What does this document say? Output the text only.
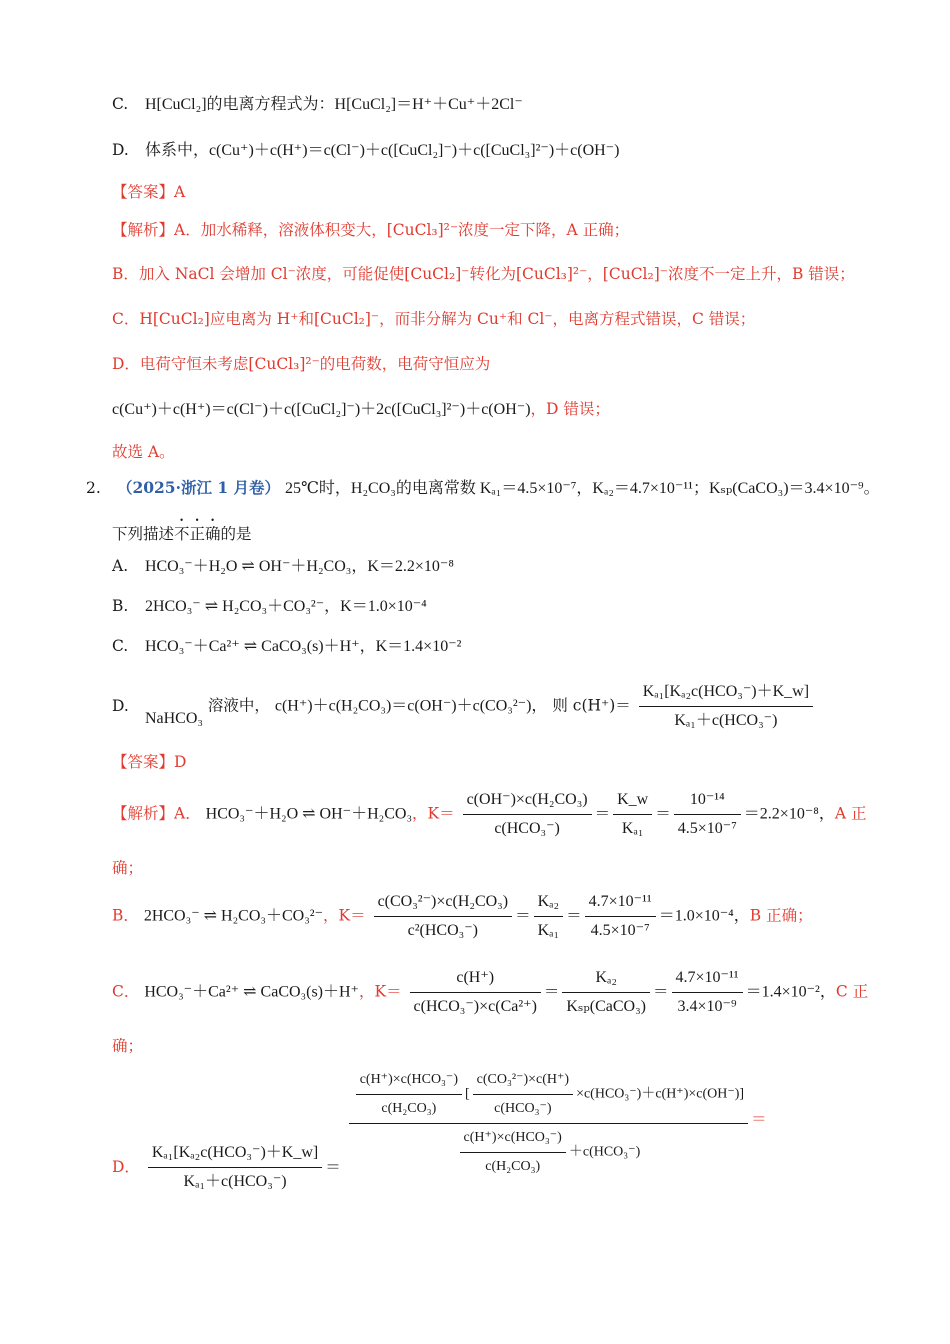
C. H[CuCl₂]的电离方程式为：H[CuCl₂]＝H⁺＋Cu⁺＋2Cl⁻
D. 体系中，c(Cu⁺)＋c(H⁺)＝c(Cl⁻)＋c([CuCl₂]⁻)＋c([CuCl₃]²⁻)＋c(OH⁻)
【答案】A
【解析】A．加水稀释，溶液体积变大，[CuCl₃]²⁻浓度一定下降，A 正确；
B．加入 NaCl 会增加 Cl⁻浓度，可能促使[CuCl₂]⁻转化为[CuCl₃]²⁻，[CuCl₂]⁻浓度不一定上升，B 错误；
C．H[CuCl₂]应电离为 H⁺和[CuCl₂]⁻，而非分解为 Cu⁺和 Cl⁻，电离方程式错误，C 错误；
D．电荷守恒未考虑[CuCl₃]²⁻的电荷数，电荷守恒应为
c(Cu⁺)＋c(H⁺)＝c(Cl⁻)＋c([CuCl₂]⁻)＋2c([CuCl₃]²⁻)＋c(OH⁻)，D 错误；
故选 A。
2. （2025·浙江 1 月卷） 25℃时，H₂CO₃的电离常数 Kₐ₁＝4.5×10⁻⁷，Kₐ₂＝4.7×10⁻¹¹；Kₛₚ(CaCO₃)＝3.4×10⁻⁹。
下列描述不正确的是
A. HCO₃⁻＋H₂O ⇌ OH⁻＋H₂CO₃，K＝2.2×10⁻⁸
B. 2HCO₃⁻ ⇌ H₂CO₃＋CO₃²⁻，K＝1.0×10⁻⁴
C. HCO₃⁻＋Ca²⁺ ⇌ CaCO₃(s)＋H⁺，K＝1.4×10⁻²
D. NaHCO₃ 溶液中， c(H⁺)＋c(H₂CO₃)＝c(OH⁻)＋c(CO₃²⁻)， 则 $c(H^+)= \frac{\text{Kₐ₁[Kₐ₂c(HCO₃⁻)＋K\_w]}}{\text{Kₐ₁＋c(HCO₃⁻)}}$
【答案】D
【解析】A． HCO₃⁻＋H₂O ⇌ OH⁻＋H₂CO₃，$K= \frac{\text{c(OH⁻)×c(H₂CO₃)}}{\text{c(HCO₃⁻)}} = \frac{K\_w}{\text{Kₐ₁}} = \frac{\text{10⁻¹⁴}}{\text{4.5×10⁻⁷}} =2.2\times 10^{-8}$，A 正
确；
B． 2HCO₃⁻ ⇌ H₂CO₃＋CO₃²⁻，$K= \frac{\text{c(CO₃²⁻)×c(H₂CO₃)}}{\text{c²(HCO₃⁻)}} = \frac{\text{Kₐ₂}}{\text{Kₐ₁}} = \frac{\text{4.7×10⁻¹¹}}{\text{4.5×10⁻⁷}} =1.0\times 10^{-4}$，B 正确；
C． HCO₃⁻＋Ca²⁺ ⇌ CaCO₃(s)＋H⁺，$K= \frac{c(H^+)}{\text{c(HCO₃⁻)×c(Ca²⁺)}} = \frac{\text{Kₐ₂}}{\text{Kₛₚ(CaCO₃)}} = \frac{\text{4.7×10⁻¹¹}}{\text{3.4×10⁻⁹}} =1.4\times 10^{-2}$，C 正
确；
D． $\frac{\text{Kₐ₁[Kₐ₂c(HCO₃⁻)＋K\_w]}}{\text{Kₐ₁＋c(HCO₃⁻)}}$ ＝
$\frac{\text{c(H⁺)×c(HCO₃⁻)}}{\text{c(H₂CO₃)}}$ [ $\frac{\text{c(CO₃²⁻)×c(H⁺)}}{\text{c(HCO₃⁻)}} \times c(HCO_3^-)+c(H^+)\times c(OH^-)$]
$\frac{\text{c(H⁺)×c(HCO₃⁻)}}{\text{c(H₂CO₃)}} +c(HCO_3^-)$
＝
